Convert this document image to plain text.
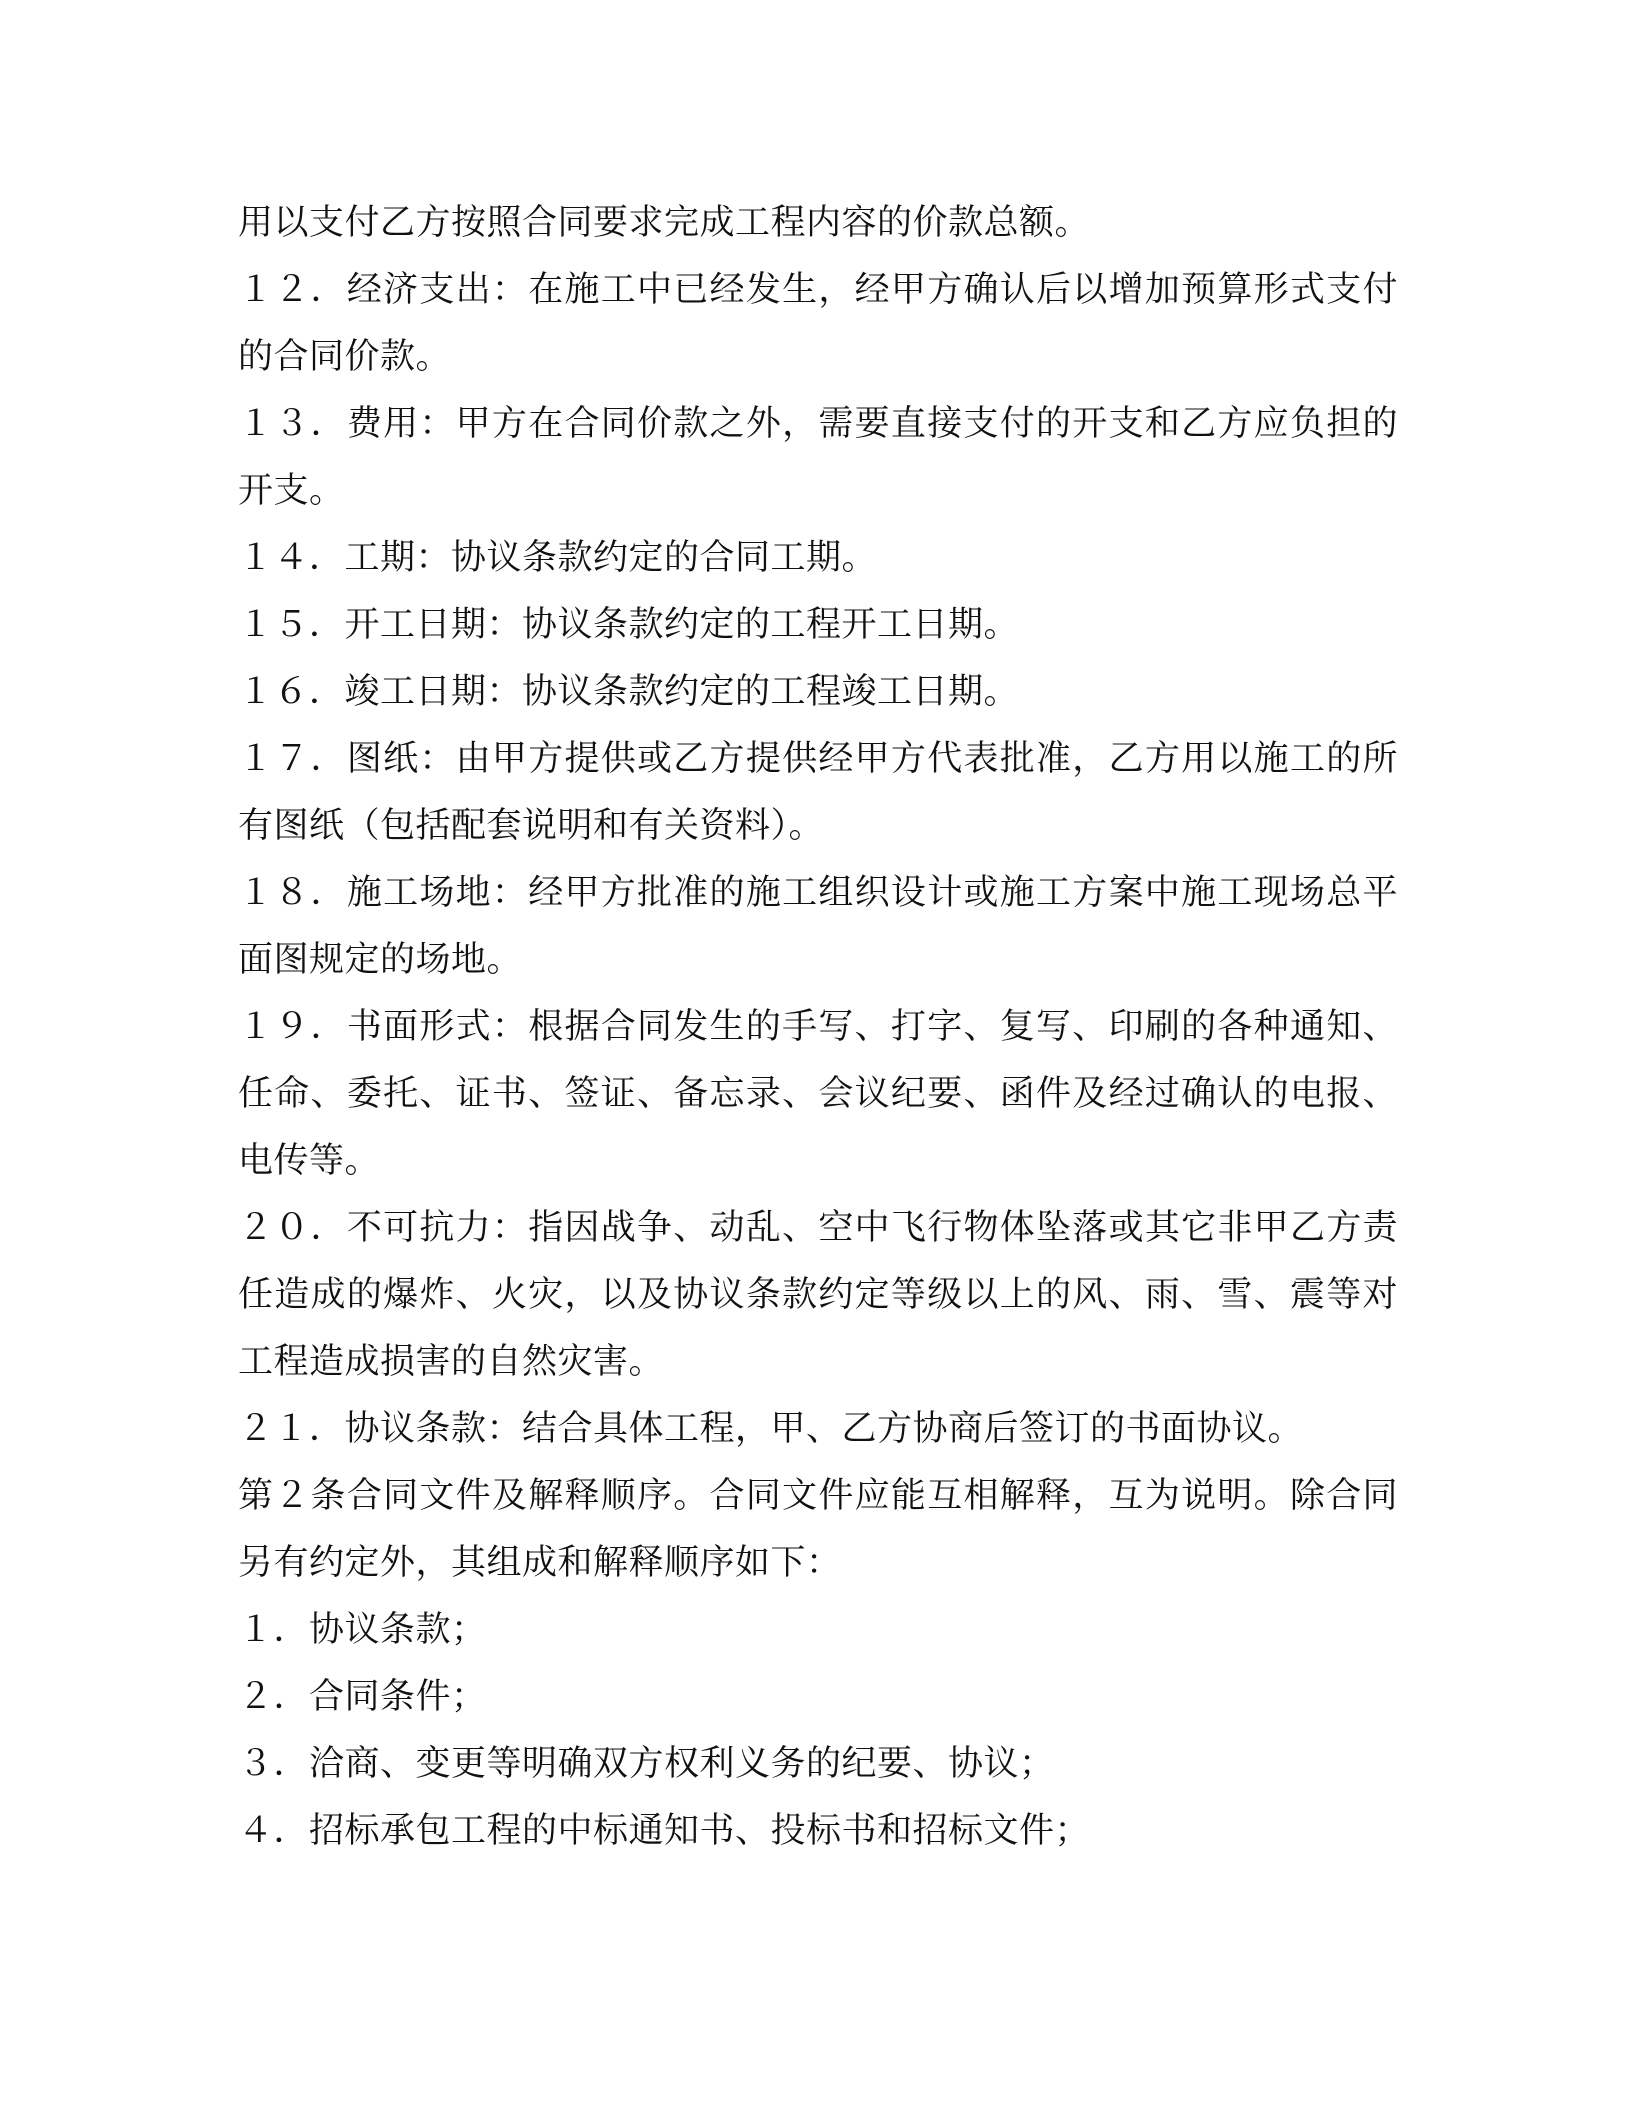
用以支付乙方按照合同要求完成工程内容的价款总额。

１２．经济支出：在施工中已经发生，经甲方确认后以增加预算形式支付的合同价款。

１３．费用：甲方在合同价款之外，需要直接支付的开支和乙方应负担的开支。

１４．工期：协议条款约定的合同工期。

１５．开工日期：协议条款约定的工程开工日期。

１６．竣工日期：协议条款约定的工程竣工日期。

１７．图纸：由甲方提供或乙方提供经甲方代表批准，乙方用以施工的所有图纸（包括配套说明和有关资料）。

１８．施工场地：经甲方批准的施工组织设计或施工方案中施工现场总平面图规定的场地。

１９．书面形式：根据合同发生的手写、打字、复写、印刷的各种通知、任命、委托、证书、签证、备忘录、会议纪要、函件及经过确认的电报、电传等。

２０．不可抗力：指因战争、动乱、空中飞行物体坠落或其它非甲乙方责任造成的爆炸、火灾，以及协议条款约定等级以上的风、雨、雪、震等对工程造成损害的自然灾害。

２１．协议条款：结合具体工程，甲、乙方协商后签订的书面协议。

第２条合同文件及解释顺序。合同文件应能互相解释，互为说明。除合同另有约定外，其组成和解释顺序如下：

１．协议条款；

２．合同条件；

３．洽商、变更等明确双方权利义务的纪要、协议；

４．招标承包工程的中标通知书、投标书和招标文件；
